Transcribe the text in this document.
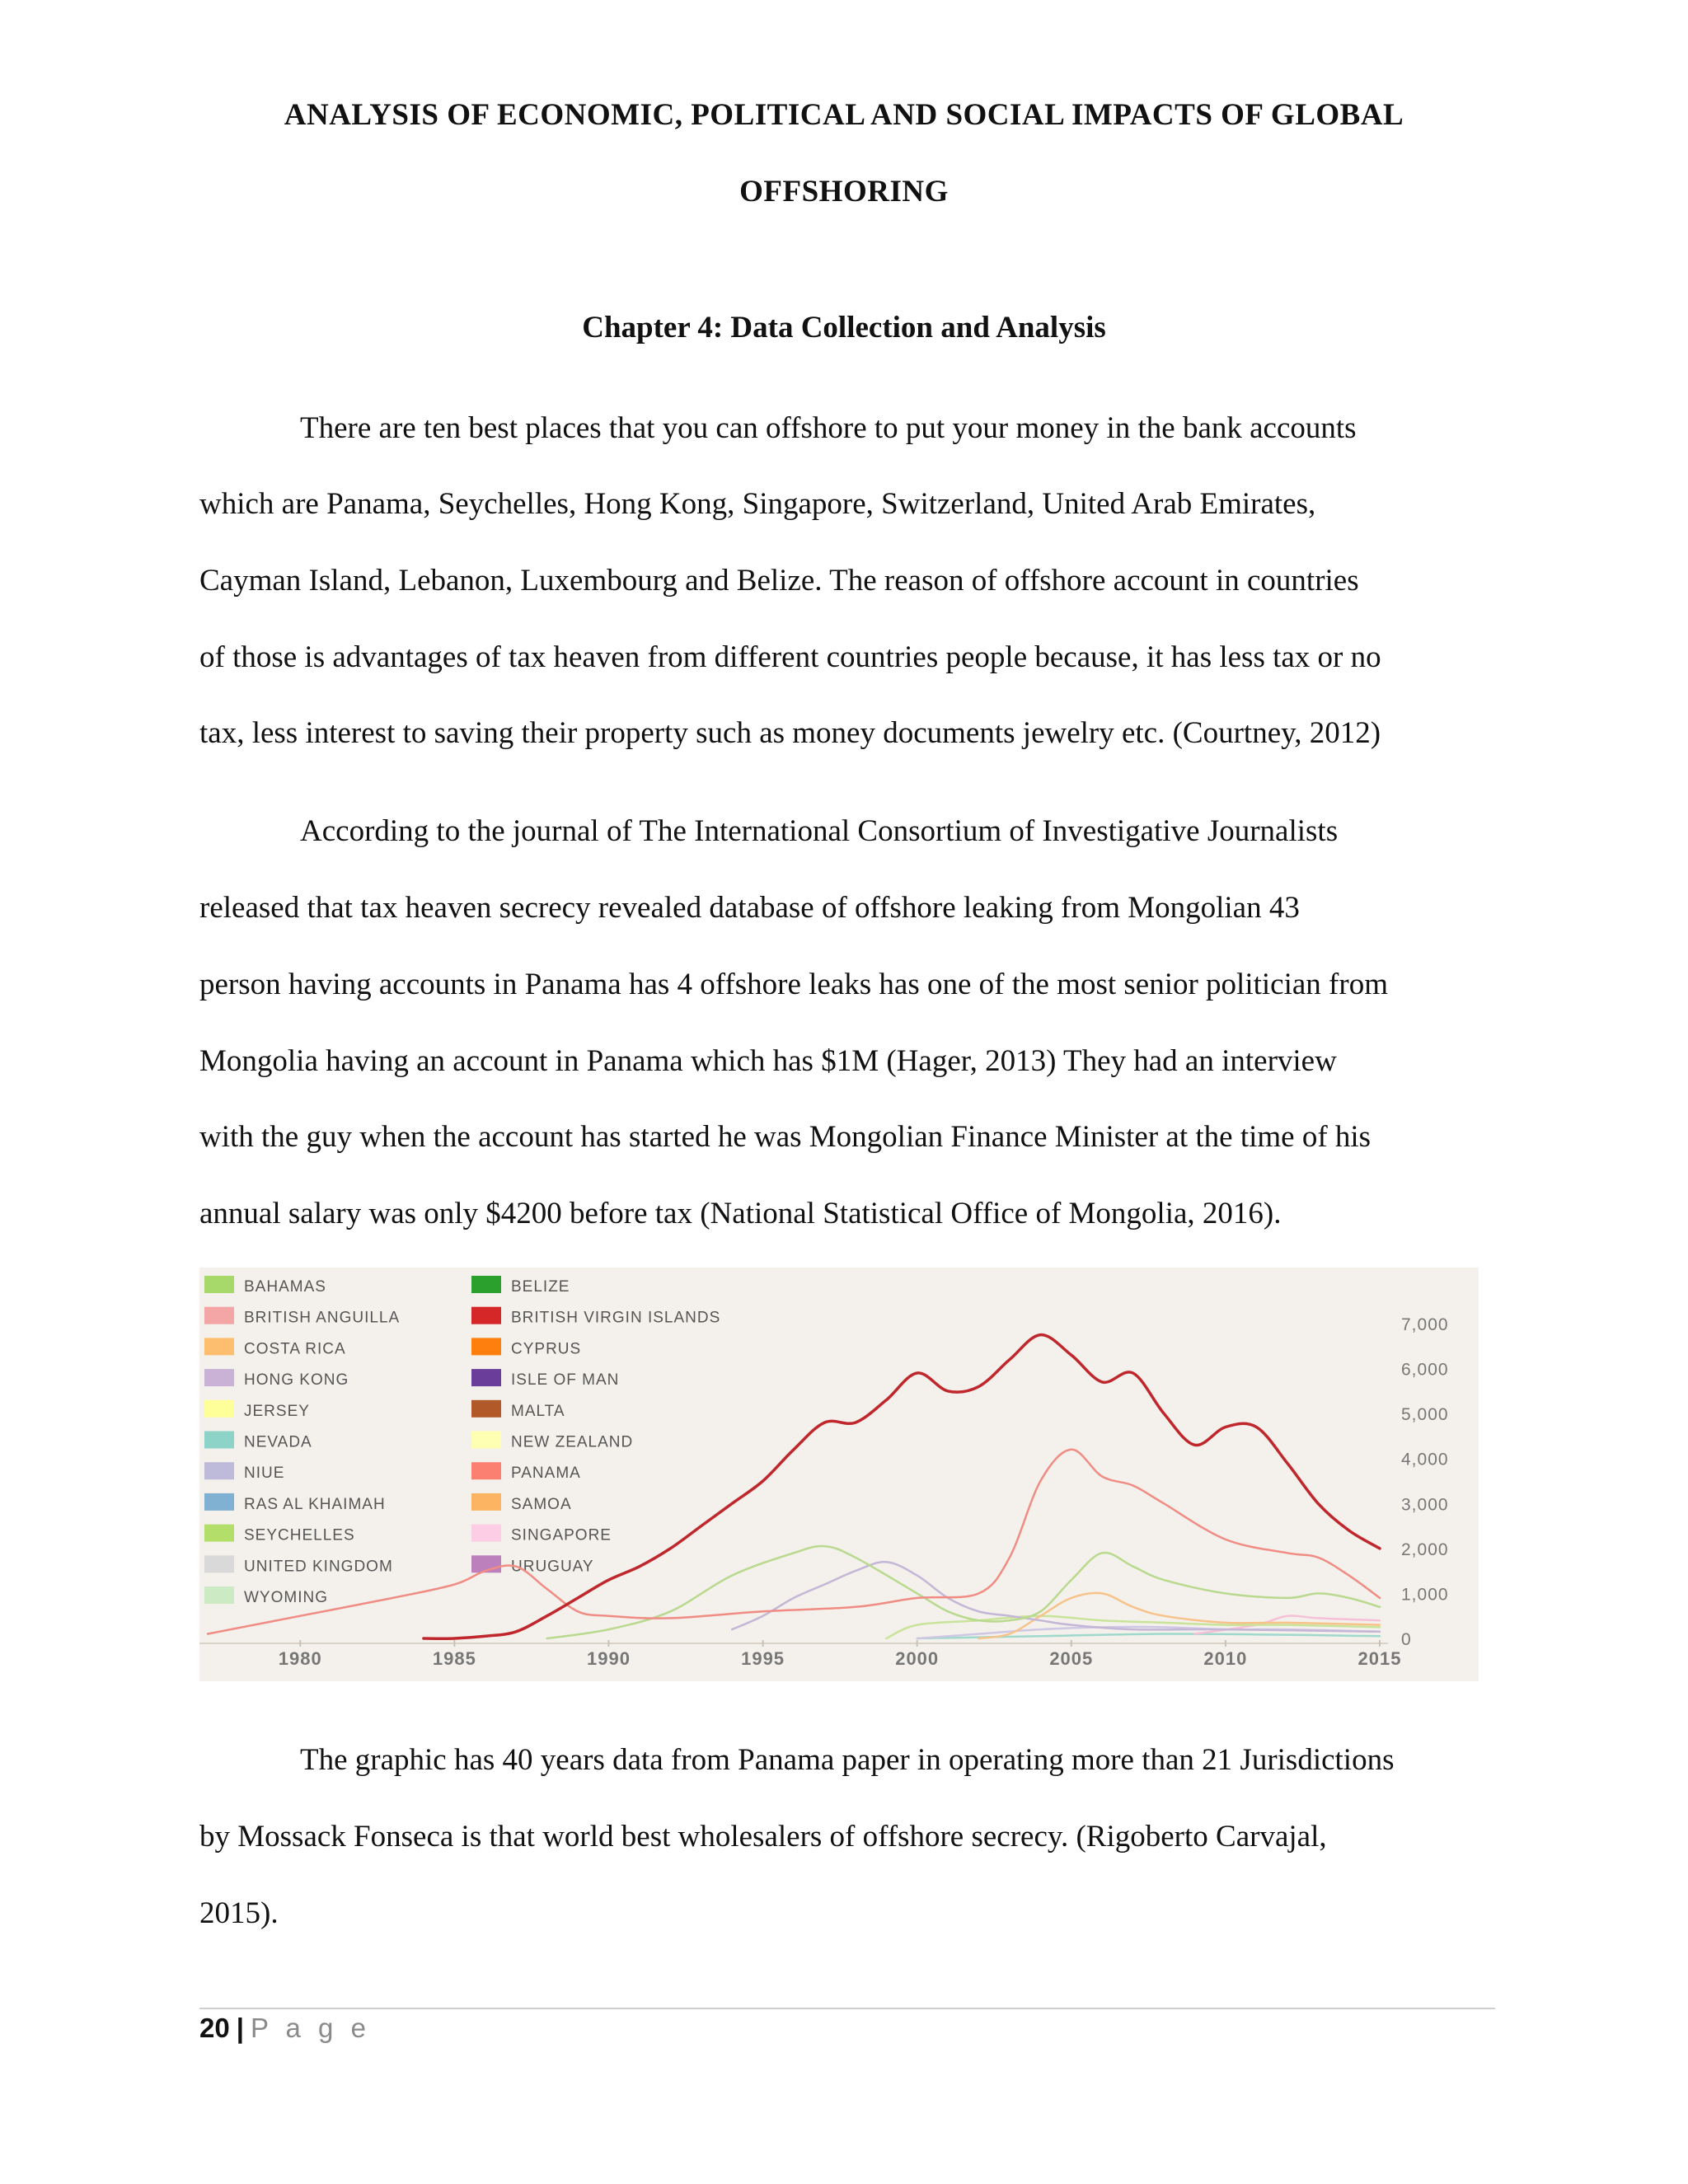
ANALYSIS OF ECONOMIC, POLITICAL AND SOCIAL IMPACTS OF GLOBAL
OFFSHORING
Chapter 4: Data Collection and Analysis
There are ten best places that you can offshore to put your money in the bank accounts
which are Panama, Seychelles, Hong Kong, Singapore, Switzerland, United Arab Emirates,
Cayman Island, Lebanon, Luxembourg and Belize. The reason of offshore account in countries
of those is advantages of tax heaven from different countries people because, it has less tax or no
tax, less interest to saving their property such as money documents jewelry etc. (Courtney, 2012)
According to the journal of The International Consortium of Investigative Journalists
released that tax heaven secrecy revealed database of offshore leaking from Mongolian 43
person having accounts in Panama has 4 offshore leaks has one of the most senior politician from
Mongolia having an account in Panama which has $1M (Hager, 2013) They had an interview
with the guy when the account has started he was Mongolian Finance Minister at the time of his
annual salary was only $4200 before tax (National Statistical Office of Mongolia, 2016).
BAHAMAS	BELIZE
BRITISH ANGUILLA	BRITISH VIRGIN ISLANDS
COSTA RICA	CYPRUS
HONG KONG	ISLE OF MAN
JERSEY	MALTA
NEVADA	NEW ZEALAND
NIUE	PANAMA
RAS AL KHAIMAH	SAMOA
SEYCHELLES	SINGAPORE
UNITED KINGDOM	URUGUAY
WYOMING
0
1,000
2,000
3,000
4,000
5,000
6,000
7,000
1980	1985	1990	1995	2000	2005	2010	2015
The graphic has 40 years data from Panama paper in operating more than 21 Jurisdictions
by Mossack Fonseca is that world best wholesalers of offshore secrecy. (Rigoberto Carvajal,
2015).
20 | P a g e
